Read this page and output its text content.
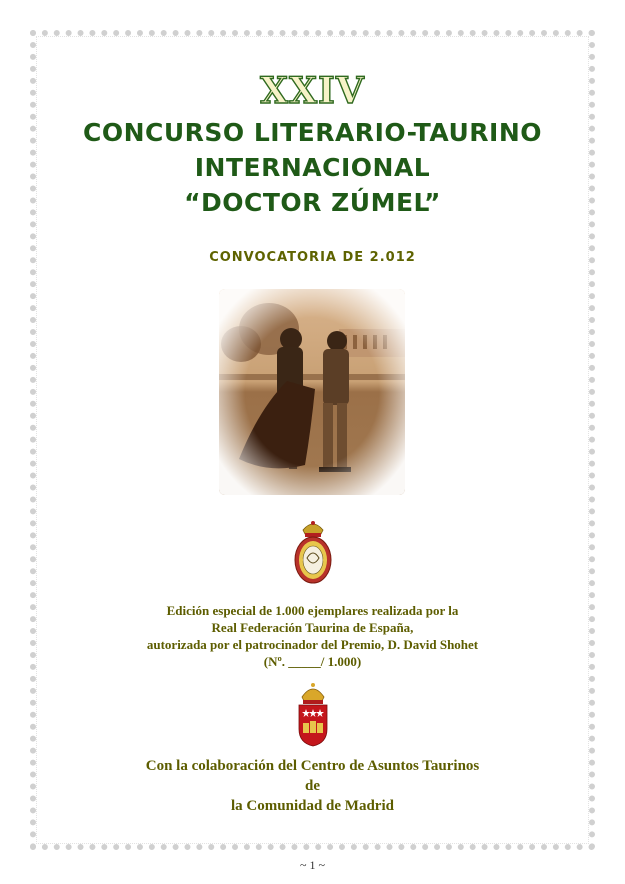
XXIV
CONCURSO LITERARIO-TAURINO
INTERNACIONAL
“DOCTOR ZÚMEL”
CONVOCATORIA DE 2.012
Edición especial de 1.000 ejemplares realizada por la
Real Federación Taurina de España,
autorizada por el patrocinador del Premio, D. David Shohet
(Nº. _____/ 1.000)
Con la colaboración del Centro de Asuntos Taurinos
de
la Comunidad de Madrid
~ 1 ~
